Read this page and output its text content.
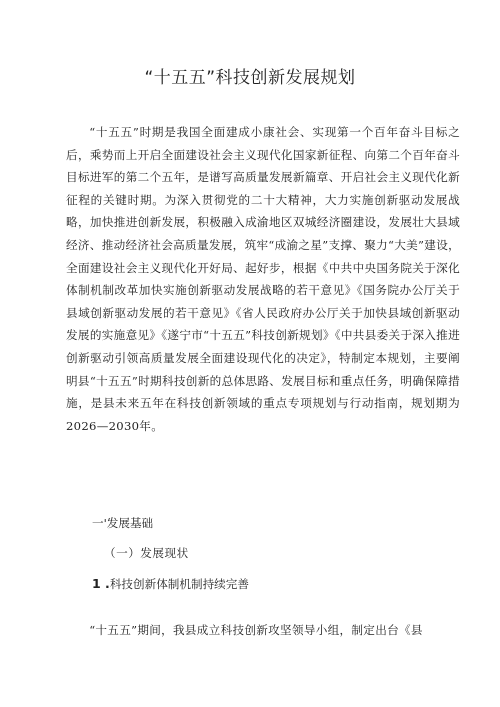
“十五五”科技创新发展规划

“十五五”时期是我国全面建成小康社会、实现第一个百年奋斗目标之后，乘势而上开启全面建设社会主义现代化国家新征程、向第二个百年奋斗目标进军的第二个五年，是谱写高质量发展新篇章、开启社会主义现代化新征程的关键时期。为深入贯彻党的二十大精神，大力实施创新驱动发展战略，加快推进创新发展，积极融入成渝地区双城经济圈建设，发展壮大县域经济、推动经济社会高质量发展，筑牢“成渝之星”支撑、聚力“大美”建设，全面建设社会主义现代化开好局、起好步，根据《中共中央国务院关于深化体制机制改革加快实施创新驱动发展战略的若干意见》《国务院办公厅关于县域创新驱动发展的若干意见》《省人民政府办公厅关于加快县域创新驱动发展的实施意见》《遂宁市“十五五”科技创新规划》《中共县委关于深入推进创新驱动引领高质量发展全面建设现代化的决定》，特制定本规划，主要阐明县“十五五”时期科技创新的总体思路、发展目标和重点任务，明确保障措施，是县未来五年在科技创新领域的重点专项规划与行动指南，规划期为2026—2030年。

一'发展基础
（一）发展现状
1 .科技创新体制机制持续完善

“十五五”期间，我县成立科技创新攻坚领导小组，制定出台《县
